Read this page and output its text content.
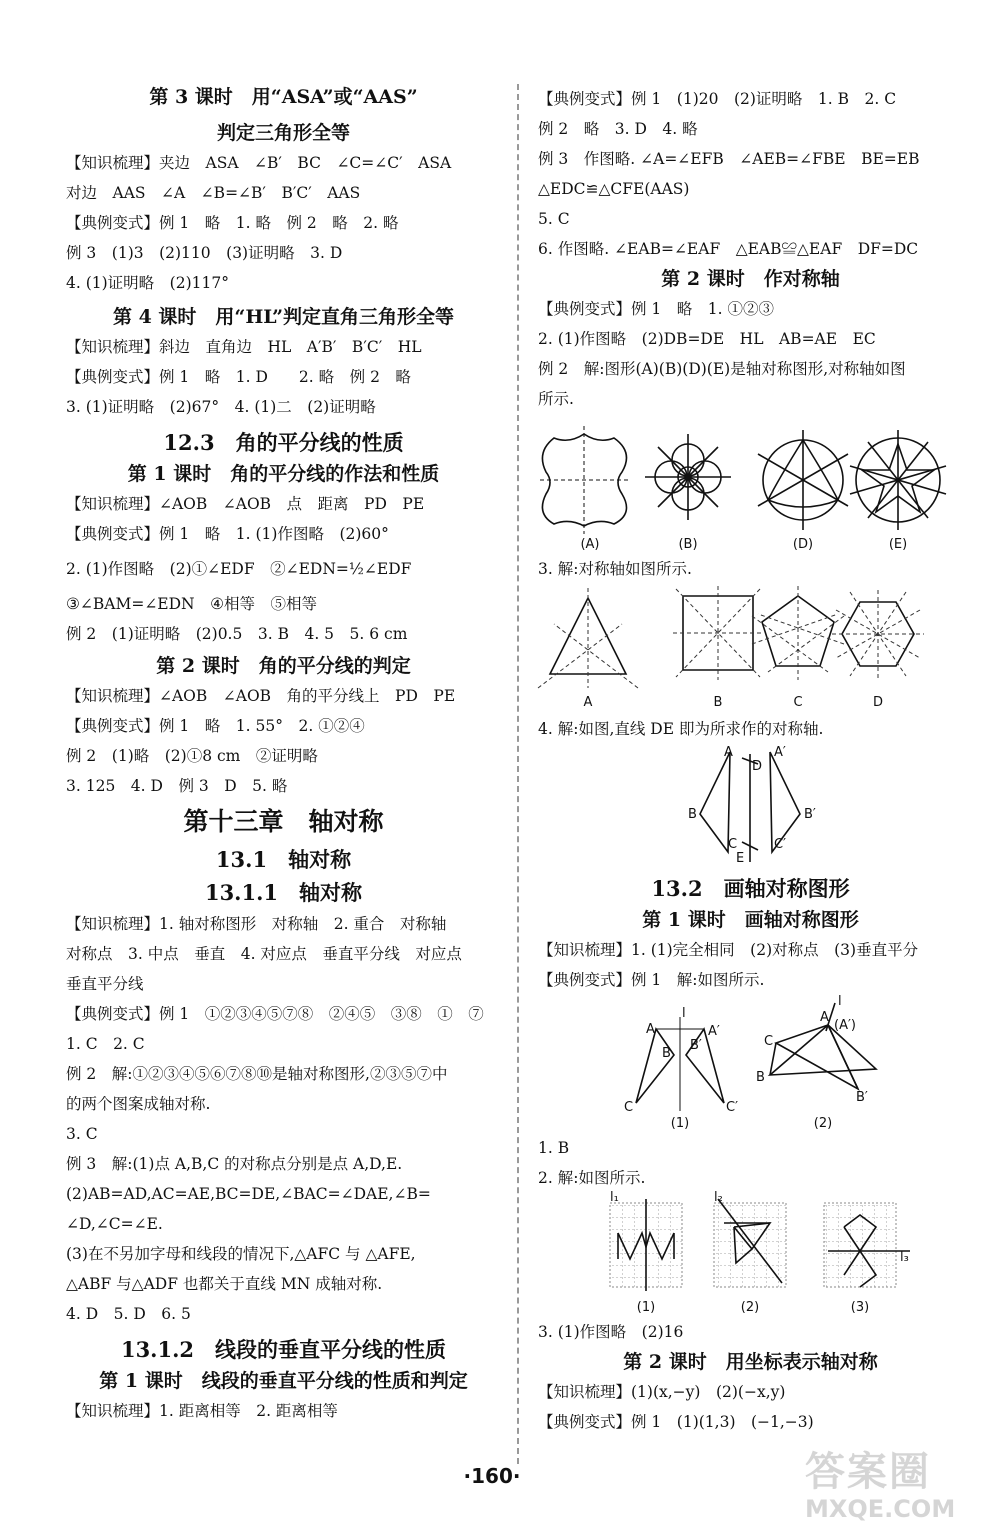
第 3 课时　用“ASA”或“AAS”
判定三角形全等
【知识梳理】夹边　ASA　∠B′　BC　∠C=∠C′　ASA
对边　AAS　∠A　∠B=∠B′　B′C′　AAS
【典例变式】例 1　略　1. 略　例 2　略　2. 略
例 3　(1)3　(2)110　(3)证明略　3. D
4. (1)证明略　(2)117°
第 4 课时　用“HL”判定直角三角形全等
【知识梳理】斜边　直角边　HL　A′B′　B′C′　HL
【典例变式】例 1　略　1. D　　2. 略　例 2　略
3. (1)证明略　(2)67°　4. (1)二　(2)证明略
12.3　角的平分线的性质
第 1 课时　角的平分线的作法和性质
【知识梳理】∠AOB　∠AOB　点　距离　PD　PE
【典例变式】例 1　略　1. (1)作图略　(2)60°
2. (1)作图略　(2)①∠EDF　②∠EDN=½∠EDF
③∠BAM=∠EDN　④相等　⑤相等
例 2　(1)证明略　(2)0.5　3. B　4. 5　5. 6 cm
第 2 课时　角的平分线的判定
【知识梳理】∠AOB　∠AOB　角的平分线上　PD　PE
【典例变式】例 1　略　1. 55°　2. ①②④
例 2　(1)略　(2)①8 cm　②证明略
3. 125　4. D　例 3　D　5. 略
第十三章　轴对称
13.1　轴对称
13.1.1　轴对称
【知识梳理】1. 轴对称图形　对称轴　2. 重合　对称轴
对称点　3. 中点　垂直　4. 对应点　垂直平分线　对应点
垂直平分线
【典例变式】例 1　①②③④⑤⑦⑧　②④⑤　③⑧　①　⑦
1. C　2. C
例 2　解:①②③④⑤⑥⑦⑧⑩是轴对称图形,②③⑤⑦中
的两个图案成轴对称.
3. C
例 3　解:(1)点 A,B,C 的对称点分别是点 A,D,E.
(2)AB=AD,AC=AE,BC=DE,∠BAC=∠DAE,∠B=
∠D,∠C=∠E.
(3)在不另加字母和线段的情况下,△AFC 与 △AFE,
△ABF 与△ADF 也都关于直线 MN 成轴对称.
4. D　5. D　6. 5
13.1.2　线段的垂直平分线的性质
第 1 课时　线段的垂直平分线的性质和判定
【知识梳理】1. 距离相等　2. 距离相等
【典例变式】例 1　(1)20　(2)证明略　1. B　2. C
例 2　略　3. D　4. 略
例 3　作图略. ∠A=∠EFB　∠AEB=∠FBE　BE=EB
△EDC≌△CFE(AAS)
5. C
6. 作图略. ∠EAB=∠EAF　△EAB≌△EAF　DF=DC
第 2 课时　作对称轴
【典例变式】例 1　略　1. ①②③
2. (1)作图略　(2)DB=DE　HL　AB=AE　EC
例 2　解:图形(A)(B)(D)(E)是轴对称图形,对称轴如图
所示.
(A)	(B)	(D)	(E)
3. 解:对称轴如图所示.
A	B	C	D
4. 解:如图,直线 DE 即为所求作的对称轴.
A	A′
D
B	B′
C	C′
E
13.2　画轴对称图形
第 1 课时　画轴对称图形
【知识梳理】1. (1)完全相同　(2)对称点　(3)垂直平分
【典例变式】例 1　解:如图所示.
A	A′
B
B′
C	C′
l	A
(A′)
C
B
B′
l
(1)	(2)
1. B
2. 解:如图所示.
l₁	l₂
l₃
(1)	(2)	(3)
3. (1)作图略　(2)16
第 2 课时　用坐标表示轴对称
【知识梳理】(1)(x,−y)　(2)(−x,y)
【典例变式】例 1　(1)(1,3)　(−1,−3)
·160·	答案圈
MXQE.COM
